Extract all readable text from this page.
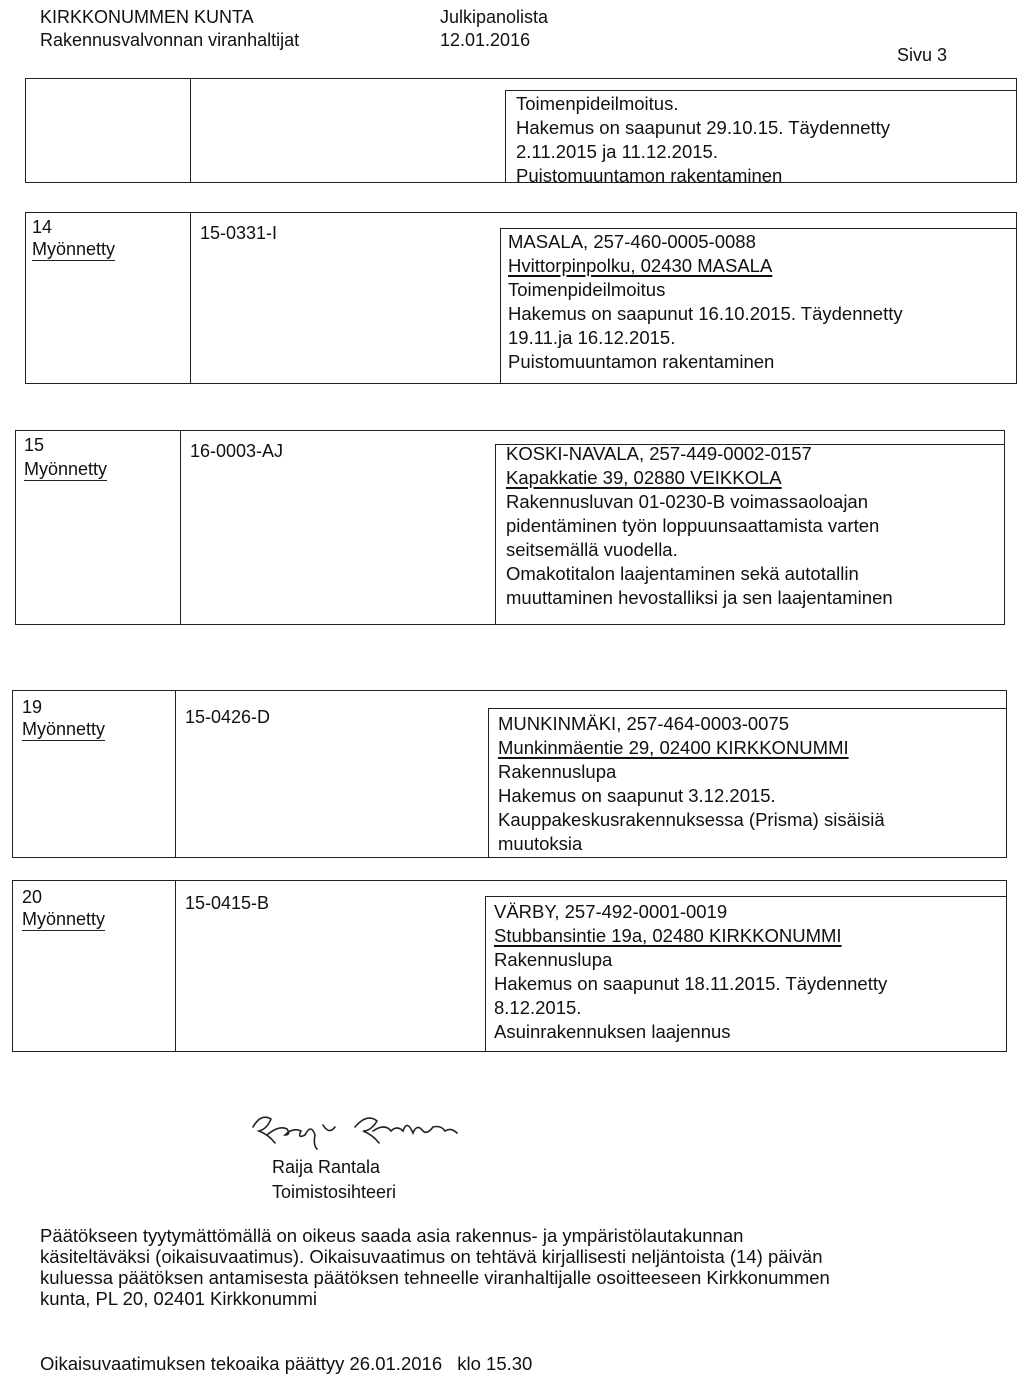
KIRKKONUMMEN KUNTA
Rakennusvalvonnan viranhaltijat
Julkipanolista
12.01.2016
Sivu 3
Toimenpideilmoitus.
Hakemus on saapunut 29.10.15. Täydennetty
2.11.2015 ja 11.12.2015.
Puistomuuntamon rakentaminen
14
Myönnetty
15-0331-I	MASALA, 257-460-0005-0088
Hvittorpinpolku, 02430 MASALA
Toimenpideilmoitus
Hakemus on saapunut 16.10.2015. Täydennetty
19.11.ja 16.12.2015.
Puistomuuntamon rakentaminen
15
Myönnetty
16-0003-AJ	KOSKI-NAVALA, 257-449-0002-0157
Kapakkatie 39, 02880 VEIKKOLA
Rakennusluvan 01-0230-B voimassaoloajan
pidentäminen työn loppuunsaattamista varten
seitsemällä vuodella.
Omakotitalon laajentaminen sekä autotallin
muuttaminen hevostalliksi ja sen laajentaminen
19
Myönnetty
15-0426-D	MUNKINMÄKI, 257-464-0003-0075
Munkinmäentie 29, 02400 KIRKKONUMMI
Rakennuslupa
Hakemus on saapunut 3.12.2015.
Kauppakeskusrakennuksessa (Prisma) sisäisiä
muutoksia
20
Myönnetty
15-0415-B	VÄRBY, 257-492-0001-0019
Stubbansintie 19a, 02480 KIRKKONUMMI
Rakennuslupa
Hakemus on saapunut 18.11.2015. Täydennetty
8.12.2015.
Asuinrakennuksen laajennus
Raija Rantala
Toimistosihteeri
Päätökseen tyytymättömällä on oikeus saada asia rakennus- ja ympäristölautakunnan
käsiteltäväksi (oikaisuvaatimus). Oikaisuvaatimus on tehtävä kirjallisesti neljäntoista (14) päivän
kuluessa päätöksen antamisesta päätöksen tehneelle viranhaltijalle osoitteeseen Kirkkonummen
kunta, PL 20, 02401 Kirkkonummi
Oikaisuvaatimuksen tekoaika päättyy 26.01.2016 klo 15.30
